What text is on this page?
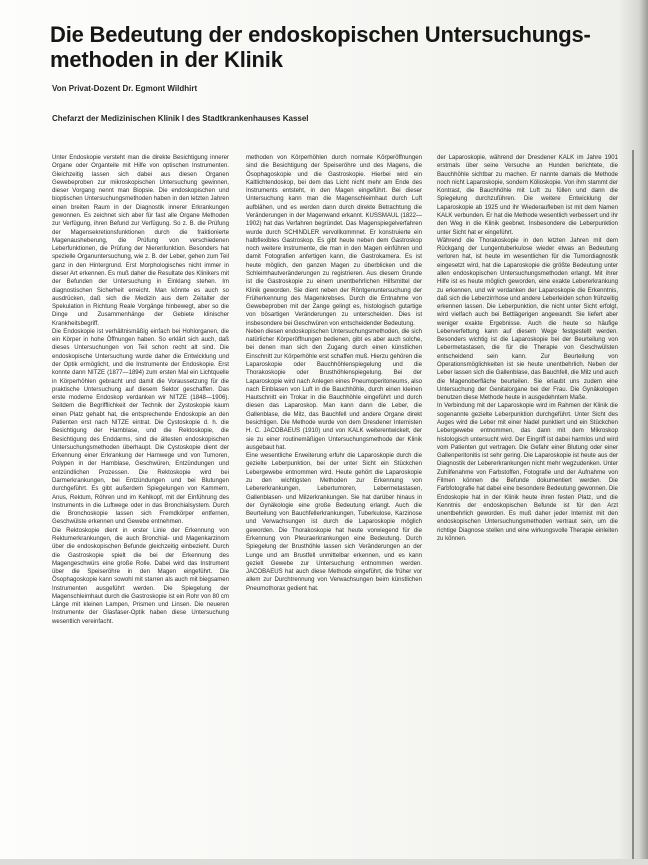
Die Bedeutung der endoskopischen Untersuchungs-methoden in der Klinik
Von Privat-Dozent Dr. Egmont Wildhirt
Chefarzt der Medizinischen Klinik I des Stadtkrankenhauses Kassel

Unter Endoskopie versteht man die direkte Besichtigung innerer Organe oder Organteile mit Hilfe von optischen Instrumenten. Gleichzeitig lassen sich dabei aus diesen Organen Gewebeproben zur mikroskopischen Untersuchung gewinnen, dieser Vorgang nennt man Biopsie. Die endoskopischen und bioptischen Untersuchungsmethoden haben in den letzten Jahren einen breiten Raum in der Diagnostik innerer Erkrankungen gewonnen. Es zeichnet sich aber für fast alle Organe Methoden zur Verfügung, ihren Befund zur Verfügung. So z. B. die Prüfung der Magensekretionsfunktionen durch die fraktionierte Magenausheberung, die Prüfung von verschiedenen Leberfunktionen, die Prüfung der Nierenfunktion. Besonders hat spezielle Organuntersuchung, wie z. B. der Leber, gehen zum Teil ganz in den Hintergrund. Erst Morphologisches nicht immer in dieser Art erkennen. Es muß daher die Resultate des Klinikers mit der Befunden der Untersuchung in Einklang stehen. Im diagnostischen Sicherheit erreicht. Man könnte es auch so ausdrücken, daß sich die Medizin aus dem Zeitalter der Spekulation in Richtung Reale Vorgänge hinbewegt, aber so die Dinge und Zusammenhänge der Gebiete klinischer Krankheitsbegriff.

Die Endoskopie ist verhältnismäßig einfach bei Hohlorganen, die ein Körper in hohe Öffnungen haben. So erklärt sich auch, daß dieses Untersuchungen von Teil schon recht alt sind. Die endoskopische Untersuchung wurde daher die Entwicklung und der Optik ermöglicht, und die Instrumente der Endoskopie. Erst konnte dann NITZE (1877—1894) zum ersten Mal ein Lichtquelle in Körperhöhlen gebracht und damit die Voraussetzung für die praktische Untersuchung auf diesem Sektor geschaffen. Das erste moderne Endoskop verdanken wir NITZE (1848—1906). Seitdem die Begrifflichkeit der Technik der Zystoskopie kaum einen Platz gehabt hat, die entsprechende Endoskopie an den Patienten erst nach NITZE eintrat. Die Cystoskopie d. h. die Besichtigung der Harnblase, und die Rektoskopie, die Besichtigung des Enddarms, sind die ältesten endoskopischen Untersuchungsmethoden überhaupt. Die Cystoskopie dient der Erkennung einer Erkrankung der Harnwege und von Tumoren, Polypen in der Harnblase, Geschwüren, Entzündungen und entzündlichen Prozessen. Die Rektoskopie wird bei Darmerkrankungen, bei Entzündungen und bei Blutungen durchgeführt. Es gibt außerdem Spiegelungen von Kammern, Anus, Rektum, Röhren und im Kehlkopf, mit der Einführung des Instruments in die Luftwege oder in das Bronchialsystem. Durch die Bronchoskopie lassen sich Fremdkörper entfernen, Geschwülste erkennen und Gewebe entnehmen.

Die Rektoskopie dient in erster Linie der Erkennung von Rektumerkrankungen, die auch Bronchial- und Magenkarzinom über die endoskopischen Befunde gleichzeitig einbezieht. Durch die Gastroskopie spielt die bei der Erkennung des Magengeschwürs eine große Rolle. Dabei wird das Instrument über die Speiseröhre in den Magen eingeführt. Die Ösophagoskopie kann sowohl mit starren als auch mit biegsamen Instrumenten ausgeführt werden. Die Spiegelung der Magenschleimhaut durch die Gastroskopie ist ein Rohr von 80 cm Länge mit kleinen Lampen, Prismen und Linsen. Die neueren Instrumente der Glasfaser-Optik haben diese Untersuchung wesentlich vereinfacht.

methoden von Körperhöhlen durch normale Körperöffnungen sind die Besichtigung der Speiseröhre und des Magens, die Ösophagoskopie und die Gastroskopie. Hierbei wird ein Kaltlichtendoskop, bei dem das Licht nicht mehr am Ende des Instruments entsteht, in den Magen eingeführt. Bei dieser Untersuchung kann man die Magenschleimhaut durch Luft aufblähen, und es werden dann durch direkte Betrachtung die Veränderungen in der Magenwand erkannt. KUSSMAUL (1822—1902) hat das Verfahren begründet. Das Magenspiegelverfahren wurde durch SCHINDLER vervollkommnet. Er konstruierte ein halbflexibles Gastroskop. Es gibt heute neben dem Gastroskop noch weitere Instrumente, die man in den Magen einführen und damit Fotografien anfertigen kann, die Gastrokamera. Es ist heute möglich, den ganzen Magen zu überblicken und die Schleimhautveränderungen zu registrieren. Aus diesem Grunde ist die Gastroskopie zu einem unentbehrlichen Hilfsmittel der Klinik geworden. Sie dient neben der Röntgenuntersuchung der Früherkennung des Magenkrebses. Durch die Entnahme von Gewebeproben mit der Zange gelingt es, histologisch gutartige von bösartigen Veränderungen zu unterscheiden. Dies ist insbesondere bei Geschwüren von entscheidender Bedeutung.

Neben diesen endoskopischen Untersuchungsmethoden, die sich natürlicher Körperöffnungen bedienen, gibt es aber auch solche, bei denen man sich den Zugang durch einen künstlichen Einschnitt zur Körperhöhle erst schaffen muß. Hierzu gehören die Laparoskopie oder Bauchhöhlenspiegelung und die Thorakoskopie oder Brusthöhlenspiegelung. Bei der Laparoskopie wird nach Anlegen eines Pneumoperitoneums, also nach Einblasen von Luft in die Bauchhöhle, durch einen kleinen Hautschnitt ein Trokar in die Bauchhöhle eingeführt und durch diesen das Laparoskop. Man kann dann die Leber, die Gallenblase, die Milz, das Bauchfell und andere Organe direkt besichtigen. Die Methode wurde von dem Dresdener Internisten H. C. JACOBAEUS (1910) und von KALK weiterentwickelt, der sie zu einer routinemäßigen Untersuchungsmethode der Klinik ausgebaut hat.

Eine wesentliche Erweiterung erfuhr die Laparoskopie durch die gezielte Leberpunktion, bei der unter Sicht ein Stückchen Lebergewebe entnommen wird. Heute gehört die Laparoskopie zu den wichtigsten Methoden zur Erkennung von Lebererkrankungen, Lebertumoren, Lebermetastasen, Gallenblasen- und Milzerkrankungen. Sie hat darüber hinaus in der Gynäkologie eine große Bedeutung erlangt. Auch die Beurteilung von Bauchfellerkrankungen, Tuberkulose, Karzinose und Verwachsungen ist durch die Laparoskopie möglich geworden. Die Thorakoskopie hat heute vorwiegend für die Erkennung von Pleuraerkrankungen eine Bedeutung. Durch Spiegelung der Brusthöhle lassen sich Veränderungen an der Lunge und am Brustfell unmittelbar erkennen, und es kann gezielt Gewebe zur Untersuchung entnommen werden. JACOBAEUS hat auch diese Methode eingeführt, die früher vor allem zur Durchtrennung von Verwachsungen beim künstlichen Pneumothorax gedient hat.

der Laparoskopie, während der Dresdener KALK im Jahre 1901 erstmals über seine Versuche an Hunden berichtete, die Bauchhöhle sichtbar zu machen. Er nannte damals die Methode noch nicht Laparoskopie, sondern Kölioskopie. Von ihm stammt der Kontrast, die Bauchhöhle mit Luft zu füllen und dann die Spiegelung durchzuführen. Die weitere Entwicklung der Laparoskopie ab 1925 und ihr Wiederaufleben ist mit dem Namen KALK verbunden. Er hat die Methode wesentlich verbessert und ihr den Weg in die Klinik geebnet. Insbesondere die Leberpunktion unter Sicht hat er eingeführt.

Während die Thorakoskopie in den letzten Jahren mit dem Rückgang der Lungentuberkulose wieder etwas an Bedeutung verloren hat, ist heute im wesentlichen für die Tumordiagnostik eingesetzt wird, hat die Laparoskopie die größte Bedeutung unter allen endoskopischen Untersuchungsmethoden erlangt. Mit ihrer Hilfe ist es heute möglich geworden, eine exakte Lebererkrankung zu erkennen, und wir verdanken der Laparoskopie die Erkenntnis, daß sich die Leberzirrhose und andere Leberleiden schon frühzeitig erkennen lassen. Die Leberpunktion, die nicht unter Sicht erfolgt, wird vielfach auch bei Bettlägerigen angewandt. Sie liefert aber weniger exakte Ergebnisse. Auch die heute so häufige Leberverfettung kann auf diesem Wege festgestellt werden. Besonders wichtig ist die Laparoskopie bei der Beurteilung von Lebermetastasen, die für die Therapie von Geschwülsten entscheidend sein kann. Zur Beurteilung von Operationsmöglichkeiten ist sie heute unentbehrlich. Neben der Leber lassen sich die Gallenblase, das Bauchfell, die Milz und auch die Magenoberfläche beurteilen. Sie erlaubt uns zudem eine Untersuchung der Genitalorgane bei der Frau. Die Gynäkologen benutzen diese Methode heute in ausgedehntem Maße.

In Verbindung mit der Laparoskopie wird im Rahmen der Klinik die sogenannte gezielte Leberpunktion durchgeführt. Unter Sicht des Auges wird die Leber mit einer Nadel punktiert und ein Stückchen Lebergewebe entnommen, das dann mit dem Mikroskop histologisch untersucht wird. Der Eingriff ist dabei harmlos und wird vom Patienten gut vertragen. Die Gefahr einer Blutung oder einer Gallenperitonitis ist sehr gering. Die Laparoskopie ist heute aus der Diagnostik der Lebererkrankungen nicht mehr wegzudenken. Unter Zuhilfenahme von Farbstoffen, Fotografie und der Aufnahme von Filmen können die Befunde dokumentiert werden. Die Farbfotografie hat dabei eine besondere Bedeutung gewonnen. Die Endoskopie hat in der Klinik heute ihren festen Platz, und die Kenntnis der endoskopischen Befunde ist für den Arzt unentbehrlich geworden. Es muß daher jeder Internist mit den endoskopischen Untersuchungsmethoden vertraut sein, um die richtige Diagnose stellen und eine wirkungsvolle Therapie einleiten zu können.
